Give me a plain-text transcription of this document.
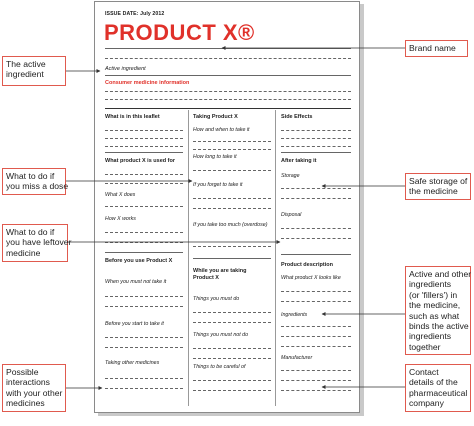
ISSUE DATE: July 2012
PRODUCT X®
Active ingredient
Consumer medicine information
What is in this leaflet
What product X is used for
What X does
How X works
Before you use Product X
When you must not take it
Before you start to take it
Taking other medicines
Taking Product X
How and when to take it
How long to take it
If you forget to take it
If you take too much (overdose)
While you are taking Product X
Things you must do
Things you must not do
Things to be careful of
Side Effects
After taking it
Storage
Disposal
Product description
What product X looks like
Ingredients
Manufacturer
The active
ingredient
What to do if
you miss a dose
What to do if
you have leftover
medicine
Possible
interactions
with your other
medicines
Brand name
Safe storage of
the medicine
Active and other
ingredients
(or 'fillers') in
the medicine,
such as what
binds the active
ingredients
together
Contact
details of the
pharmaceutical
company
